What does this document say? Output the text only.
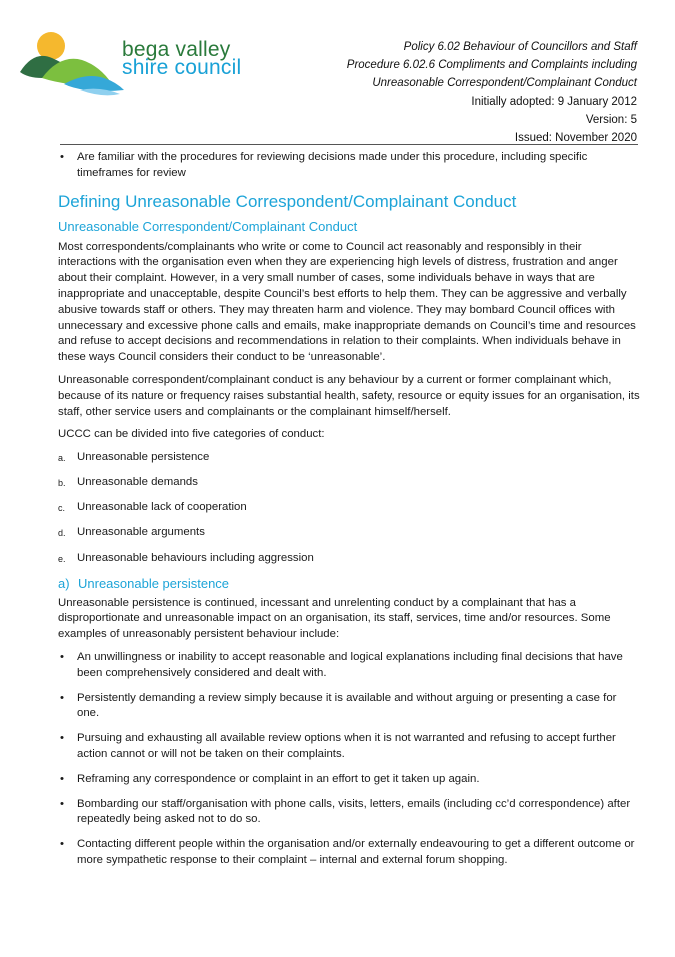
bega valley
shire council
Policy 6.02 Behaviour of Councillors and Staff
Procedure 6.02.6 Compliments and Complaints including
Unreasonable Correspondent/Complainant Conduct
Initially adopted: 9 January 2012
Version: 5
Issued: November 2020
• Are familiar with the procedures for reviewing decisions made under this procedure, including specific timeframes for review
Defining Unreasonable Correspondent/Complainant Conduct
Unreasonable Correspondent/Complainant Conduct

Most correspondents/complainants who write or come to Council act reasonably and responsibly in their interactions with the organisation even when they are experiencing high levels of distress, frustration and anger about their complaint. However, in a very small number of cases, some individuals behave in ways that are inappropriate and unacceptable, despite Council’s best efforts to help them. They can be aggressive and verbally abusive towards staff or others. They may threaten harm and violence. They may bombard Council offices with unnecessary and excessive phone calls and emails, make inappropriate demands on Council’s time and resources and refuse to accept decisions and recommendations in relation to their complaints. When individuals behave in these ways Council considers their conduct to be ‘unreasonable’.

Unreasonable correspondent/complainant conduct is any behaviour by a current or former complainant which, because of its nature or frequency raises substantial health, safety, resource or equity issues for an organisation, its staff, other service users and complainants or the complainant himself/herself.

UCCC can be divided into five categories of conduct:

a.	Unreasonable persistence
b.	Unreasonable demands
c.	Unreasonable lack of cooperation
d.	Unreasonable arguments
e.	Unreasonable behaviours including aggression
a) Unreasonable persistence

Unreasonable persistence is continued, incessant and unrelenting conduct by a complainant that has a disproportionate and unreasonable impact on an organisation, its staff, services, time and/or resources. Some examples of unreasonably persistent behaviour include:

• An unwillingness or inability to accept reasonable and logical explanations including final decisions that have been comprehensively considered and dealt with.
• Persistently demanding a review simply because it is available and without arguing or presenting a case for one.
• Pursuing and exhausting all available review options when it is not warranted and refusing to accept further action cannot or will not be taken on their complaints.
• Reframing any correspondence or complaint in an effort to get it taken up again.
• Bombarding our staff/organisation with phone calls, visits, letters, emails (including cc’d correspondence) after repeatedly being asked not to do so.
• Contacting different people within the organisation and/or externally endeavouring to get a different outcome or more sympathetic response to their complaint – internal and external forum shopping.
